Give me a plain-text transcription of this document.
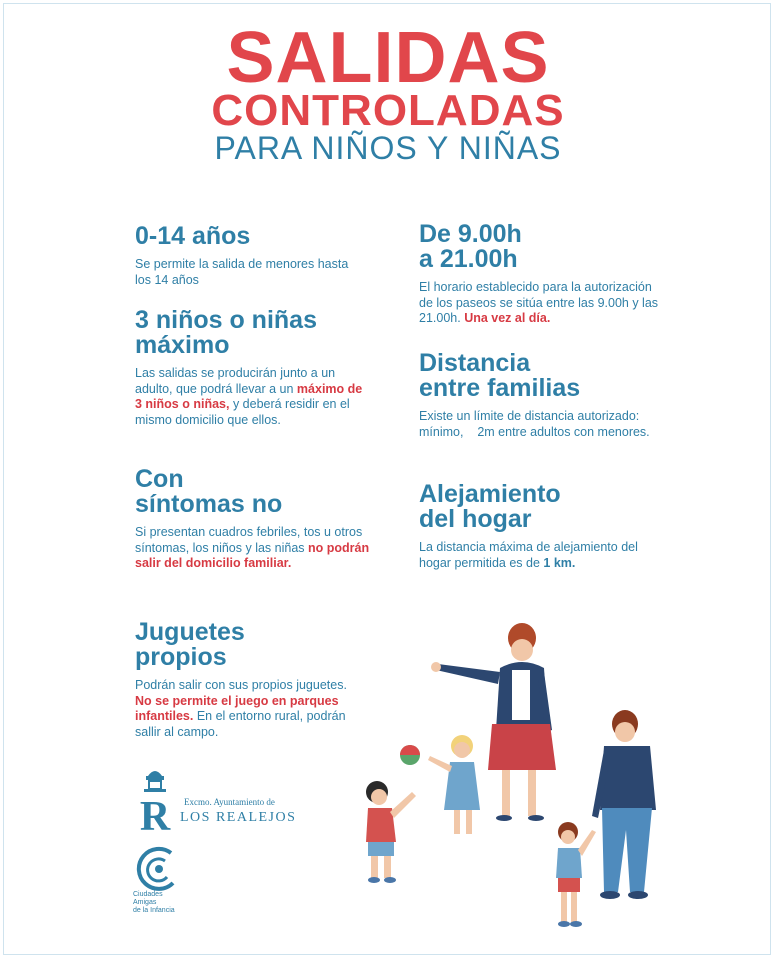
SALIDAS
CONTROLADAS
PARA NIÑOS Y NIÑAS
0-14 años

Se permite la salida de menores hasta los 14 años

3 niños o niñas máximo

Las salidas se producirán junto a un adulto, que podrá llevar a un máximo de 3 niños o niñas, y deberá residir en el mismo domicilio que ellos.

Con
síntomas no

Si presentan cuadros febriles, tos u otros síntomas, los niños y las niñas no podrán salir del domicilio familiar.

Juguetes
propios

Podrán salir con sus propios juguetes. No se permite el juego en parques infantiles. En el entorno rural, podrán sallir al campo.

De 9.00h
a 21.00h

El horario establecido para la autorización de los paseos se sitúa entre las 9.00h y las 21.00h. Una vez al día.

Distancia
entre familias

Existe un límite de distancia autorizado: mínimo,    2m entre adultos con menores.

Alejamiento
del hogar

La distancia máxima de alejamiento del hogar permitida es de 1 km.

R Excmo. Ayuntamiento de
LOS REALEJOS
Ciudades
Amigas
de la Infancia
